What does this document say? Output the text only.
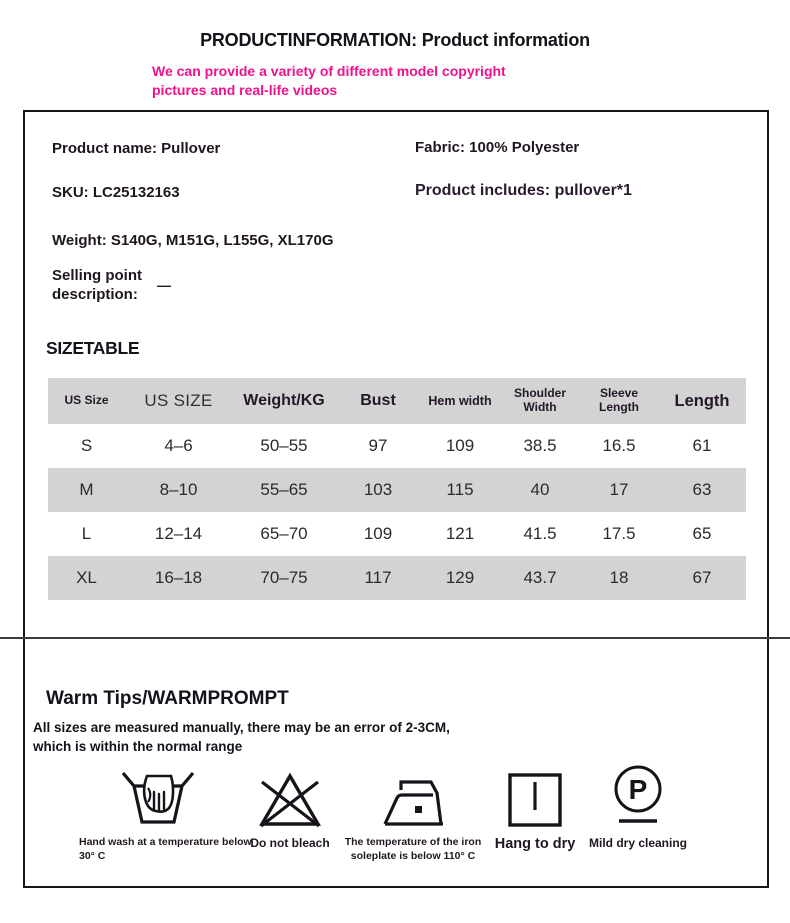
PRODUCTINFORMATION: Product information
We can provide a variety of different model copyright
pictures and real-life videos
Product name: Pullover	Fabric: 100% Polyester
SKU: LC25132163	Product includes: pullover*1
Weight: S140G, M151G, L155G, XL170G
Selling point
description:
—
SIZETABLE
US Size	US SIZE	Weight/KG	Bust	Hem width	Shoulder Width	Sleeve Length	Length
S	4–6	50–55	97	109	38.5	16.5	61
M	8–10	55–65	103	115	40	17	63
L	12–14	65–70	109	121	41.5	17.5	65
XL	16–18	70–75	117	129	43.7	18	67
Warm Tips/WARMPROMPT
All sizes are measured manually, there may be an error of 2-3CM,
which is within the normal range
Hand wash at a temperature below
30° C
Do not bleach	The temperature of the iron
soleplate is below 110° C
Hang to dry
P
Mild dry cleaning
